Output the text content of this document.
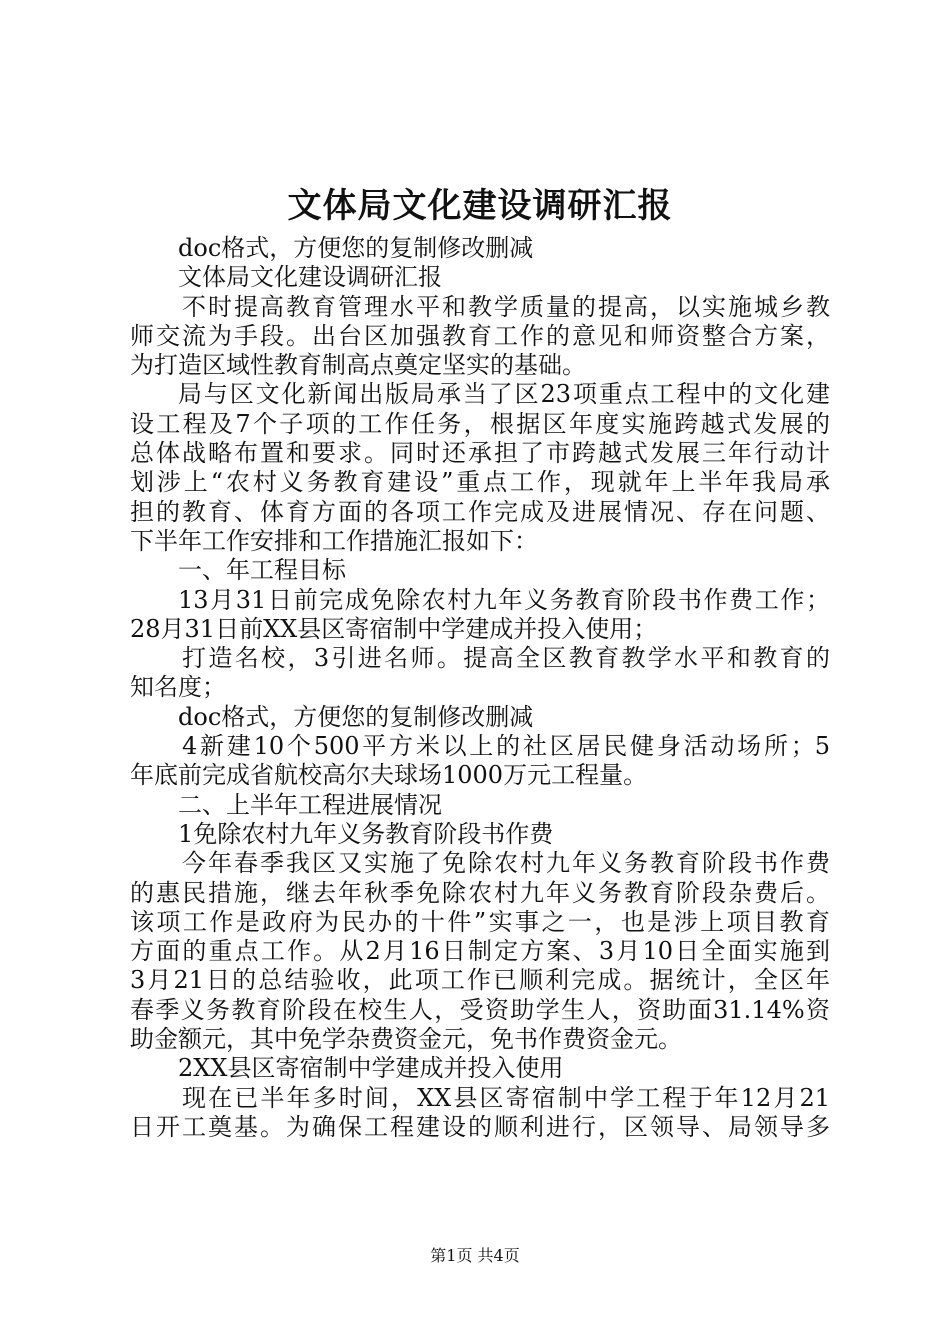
文体局文化建设调研汇报
doc格式，方便您的复制修改删减
文体局文化建设调研汇报
不时提高教育管理水平和教学质量的提高，以实施城乡教
师交流为手段。出台区加强教育工作的意见和师资整合方案，
为打造区域性教育制高点奠定坚实的基础。
局与区文化新闻出版局承当了区23项重点工程中的文化建
设工程及7个子项的工作任务，根据区年度实施跨越式发展的
总体战略布置和要求。同时还承担了市跨越式发展三年行动计
划涉上“农村义务教育建设”重点工作，现就年上半年我局承
担的教育、体育方面的各项工作完成及进展情况、存在问题、
下半年工作安排和工作措施汇报如下：
一、年工程目标
13月31日前完成免除农村九年义务教育阶段书作费工作；
28月31日前XX县区寄宿制中学建成并投入使用；
打造名校，3引进名师。提高全区教育教学水平和教育的
知名度；
doc格式，方便您的复制修改删减
4新建10个500平方米以上的社区居民健身活动场所；5
年底前完成省航校高尔夫球场1000万元工程量。
二、上半年工程进展情况
1免除农村九年义务教育阶段书作费
今年春季我区又实施了免除农村九年义务教育阶段书作费
的惠民措施，继去年秋季免除农村九年义务教育阶段杂费后。
该项工作是政府为民办的十件”实事之一，也是涉上项目教育
方面的重点工作。从2月16日制定方案、3月10日全面实施到
3月21日的总结验收，此项工作已顺利完成。据统计，全区年
春季义务教育阶段在校生人，受资助学生人，资助面31.14%资
助金额元，其中免学杂费资金元，免书作费资金元。
2XX县区寄宿制中学建成并投入使用
现在已半年多时间，XX县区寄宿制中学工程于年12月21
日开工奠基。为确保工程建设的顺利进行，区领导、局领导多
第1页 共4页
